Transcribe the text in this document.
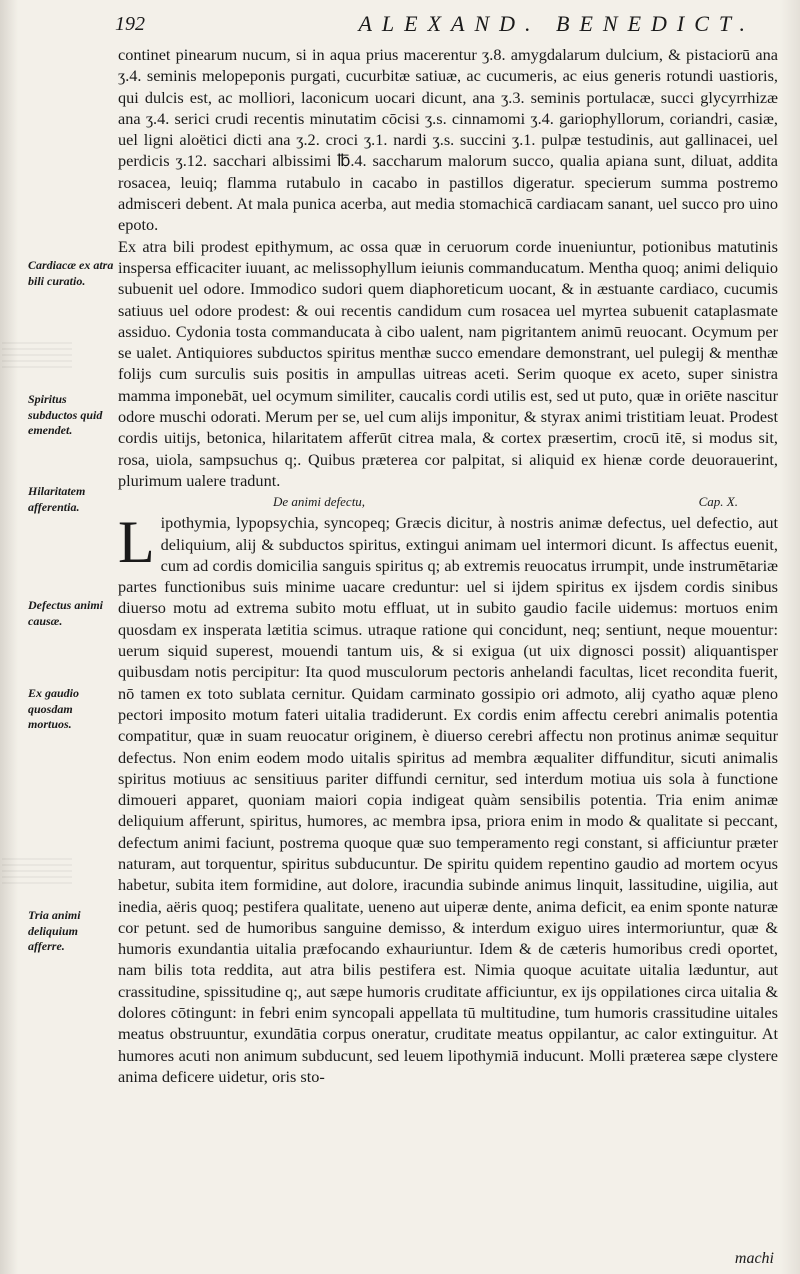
192	ALEXAND. BENEDICT.
Cardiacæ ex atra bili curatio.
Spiritus subductos quid emendet.
Hilaritatem afferentia.
Defectus animi causæ.
Ex gaudio quosdam mortuos.
Tria animi deliquium afferre.

continet pinearum nucum, si in aqua prius macerentur ʒ.8. amygdalarum dulcium, & pistaciorū ana ʒ.4. seminis melopeponis purgati, cucurbitæ satiuæ, ac cucumeris, ac eius generis rotundi uastioris, qui dulcis est, ac molliori, laconicum uocari dicunt, ana ʒ.3. seminis portulacæ, succi glycyrrhizæ ana ʒ.4. serici crudi recentis minutatim cōcisi ʒ.s. cinnamomi ʒ.4. gariophyllorum, coriandri, casiæ, uel ligni aloëtici dicti ana ʒ.2. croci ʒ.1. nardi ʒ.s. succini ʒ.1. pulpæ testudinis, aut gallinacei, uel perdicis ʒ.12. sacchari albissimi ℔.4. saccharum malorum succo, qualia apiana sunt, diluat, addita rosacea, leuiq; flamma rutabulo in cacabo in pastillos digeratur. specierum summa postremo admisceri debent. At mala punica acerba, aut media stomachicā cardiacam sanant, uel succo pro uino epoto.

Ex atra bili prodest epithymum, ac ossa quæ in ceruorum corde inueniuntur, potionibus matutinis inspersa efficaciter iuuant, ac melissophyllum ieiunis commanducatum. Mentha quoq; animi deliquio subuenit uel odore. Immodico sudori quem diaphoreticum uocant, & in æstuante cardiaco, cucumis satiuus uel odore prodest: & oui recentis candidum cum rosacea uel myrtea subuenit cataplasmate assiduo. Cydonia tosta commanducata à cibo ualent, nam pigritantem animū reuocant. Ocymum per se ualet. Antiquiores subductos spiritus menthæ succo emendare demonstrant, uel pulegij & menthæ folijs cum surculis suis positis in ampullas uitreas aceti. Serim quoque ex aceto, super sinistra mamma imponebāt, uel ocymum similiter, caucalis cordi utilis est, sed ut puto, quæ in oriēte nascitur odore muschi odorati. Merum per se, uel cum alijs imponitur, & styrax animi tristitiam leuat. Prodest cordis uitijs, betonica, hilaritatem afferūt citrea mala, & cortex præsertim, crocū itē, si modus sit, rosa, uiola, sampsuchus q;. Quibus præterea cor palpitat, si aliquid ex hienæ corde deuorauerint, plurimum ualere tradunt.

De animi defectu,	Cap. X.

Lipothymia, lypopsychia, syncopeq; Græcis dicitur, à nostris animæ defectus, uel defectio, aut deliquium, alij & subductos spiritus, extingui animam uel intermori dicunt. Is affectus euenit, cum ad cordis domicilia sanguis spiritus q; ab extremis reuocatus irrumpit, unde instrumētariæ partes functionibus suis minime uacare creduntur: uel si ijdem spiritus ex ijsdem cordis sinibus diuerso motu ad extrema subito motu effluat, ut in subito gaudio facile uidemus: mortuos enim quosdam ex insperata lætitia scimus. utraque ratione qui concidunt, neq; sentiunt, neque mouentur: uerum siquid superest, mouendi tantum uis, & si exigua (ut uix dignosci possit) aliquantisper quibusdam notis percipitur: Ita quod musculorum pectoris anhelandi facultas, licet recondita fuerit, nō tamen ex toto sublata cernitur. Quidam carminato gossipio ori admoto, alij cyatho aquæ pleno pectori imposito motum fateri uitalia tradiderunt. Ex cordis enim affectu cerebri animalis potentia compatitur, quæ in suam reuocatur originem, è diuerso cerebri affectu non protinus animæ sequitur defectus. Non enim eodem modo uitalis spiritus ad membra æqualiter diffunditur, sicuti animalis spiritus motiuus ac sensitiuus pariter diffundi cernitur, sed interdum motiua uis sola à functione dimoueri apparet, quoniam maiori copia indigeat quàm sensibilis potentia. Tria enim animæ deliquium afferunt, spiritus, humores, ac membra ipsa, priora enim in modo & qualitate si peccant, defectum animi faciunt, postrema quoque quæ suo temperamento regi constant, si afficiuntur præter naturam, aut torquentur, spiritus subducuntur. De spiritu quidem repentino gaudio ad mortem ocyus habetur, subita item formidine, aut dolore, iracundia subinde animus linquit, lassitudine, uigilia, aut inedia, aëris quoq; pestifera qualitate, ueneno aut uiperæ dente, anima deficit, ea enim sponte naturæ cor petunt. sed de humoribus sanguine demisso, & interdum exiguo uires intermoriuntur, quæ & humoris exundantia uitalia præfocando exhauriuntur. Idem & de cæteris humoribus credi oportet, nam bilis tota reddita, aut atra bilis pestifera est. Nimia quoque acuitate uitalia læduntur, aut crassitudine, spissitudine q;, aut sæpe humoris cruditate afficiuntur, ex ijs oppilationes circa uitalia & dolores cōtingunt: in febri enim syncopali appellata tū multitudine, tum humoris crassitudine uitales meatus obstruuntur, exundātia corpus oneratur, cruditate meatus oppilantur, ac calor extinguitur. At humores acuti non animum subducunt, sed leuem lipothymiā inducunt. Molli præterea sæpe clystere anima deficere uidetur, oris sto-

machi
